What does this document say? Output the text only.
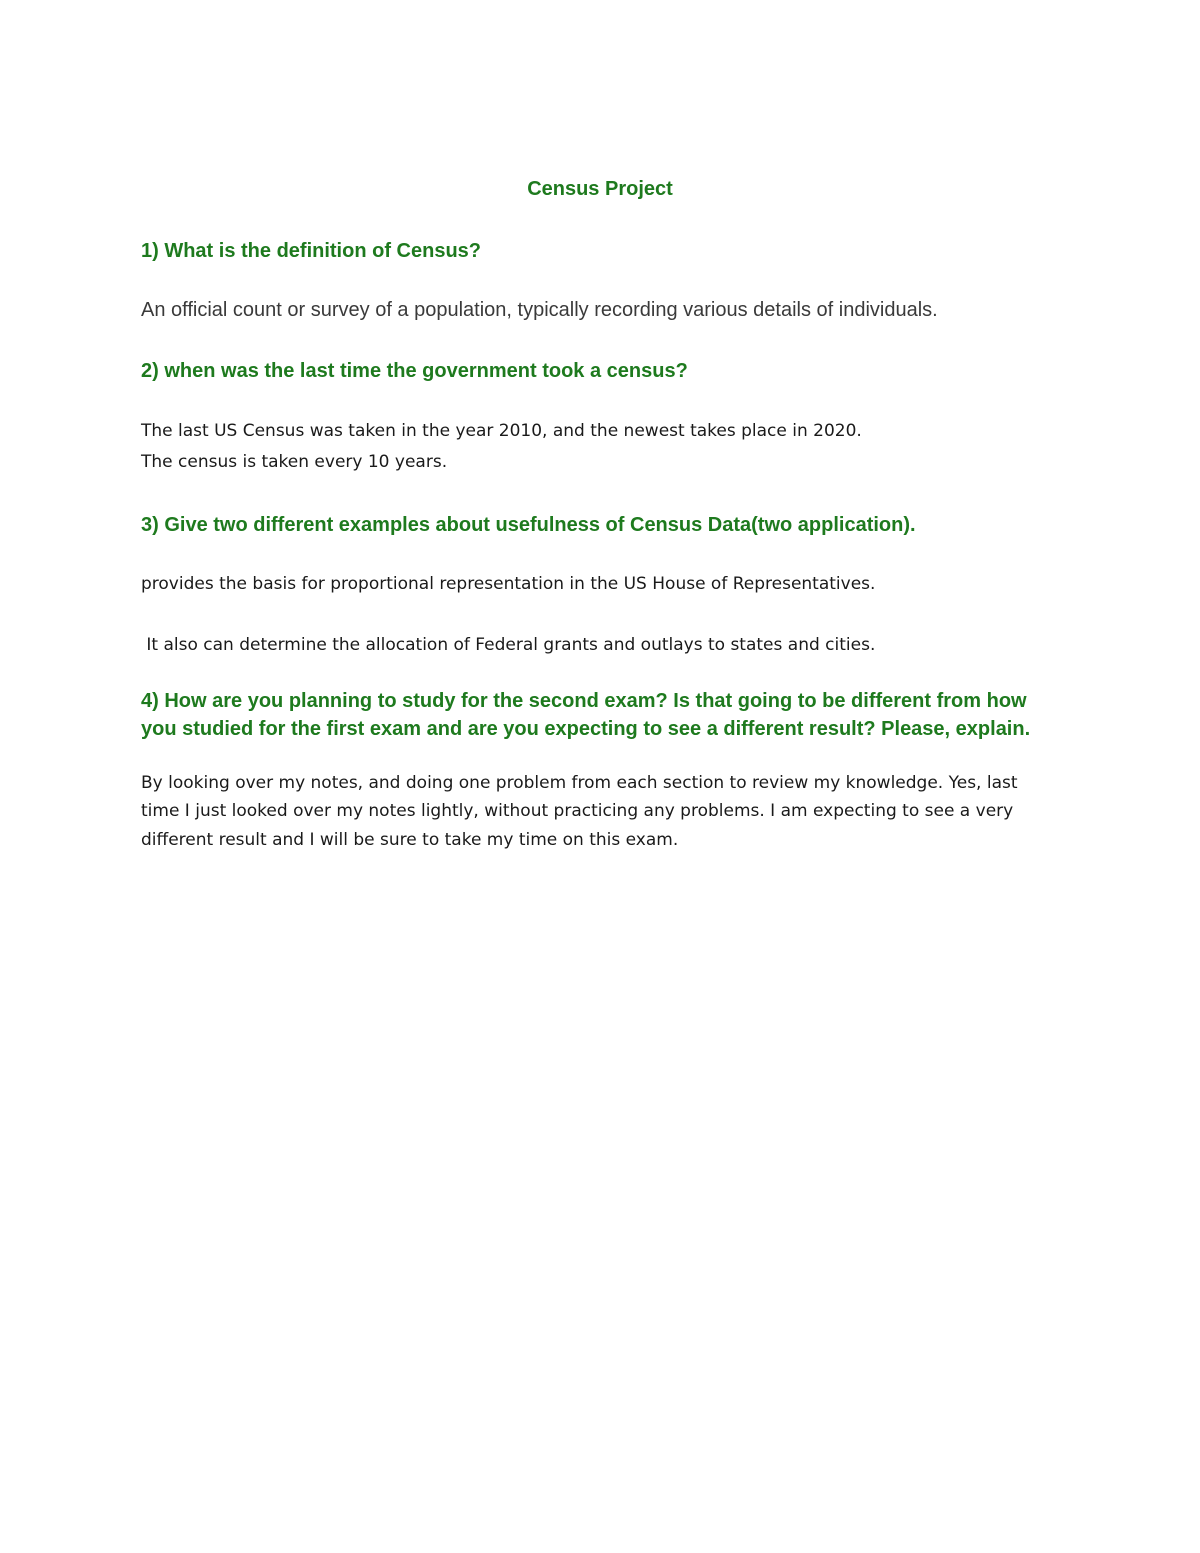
Census Project
1) What is the definition of Census?
An official count or survey of a population, typically recording various details of individuals.
2) when was the last time the government took a census?
The last US Census was taken in the year 2010, and the newest takes place in 2020.
The census is taken every 10 years.
3) Give two different examples about usefulness of Census Data(two application).
provides the basis for proportional representation in the US House of Representatives.
It also can determine the allocation of Federal grants and outlays to states and cities.
4) How are you planning to study for the second exam? Is that going to be different from how
you studied for the first exam and are you expecting to see a different result? Please, explain.
By looking over my notes, and doing one problem from each section to review my knowledge. Yes, last
time I just looked over my notes lightly, without practicing any problems. I am expecting to see a very
different result and I will be sure to take my time on this exam.
